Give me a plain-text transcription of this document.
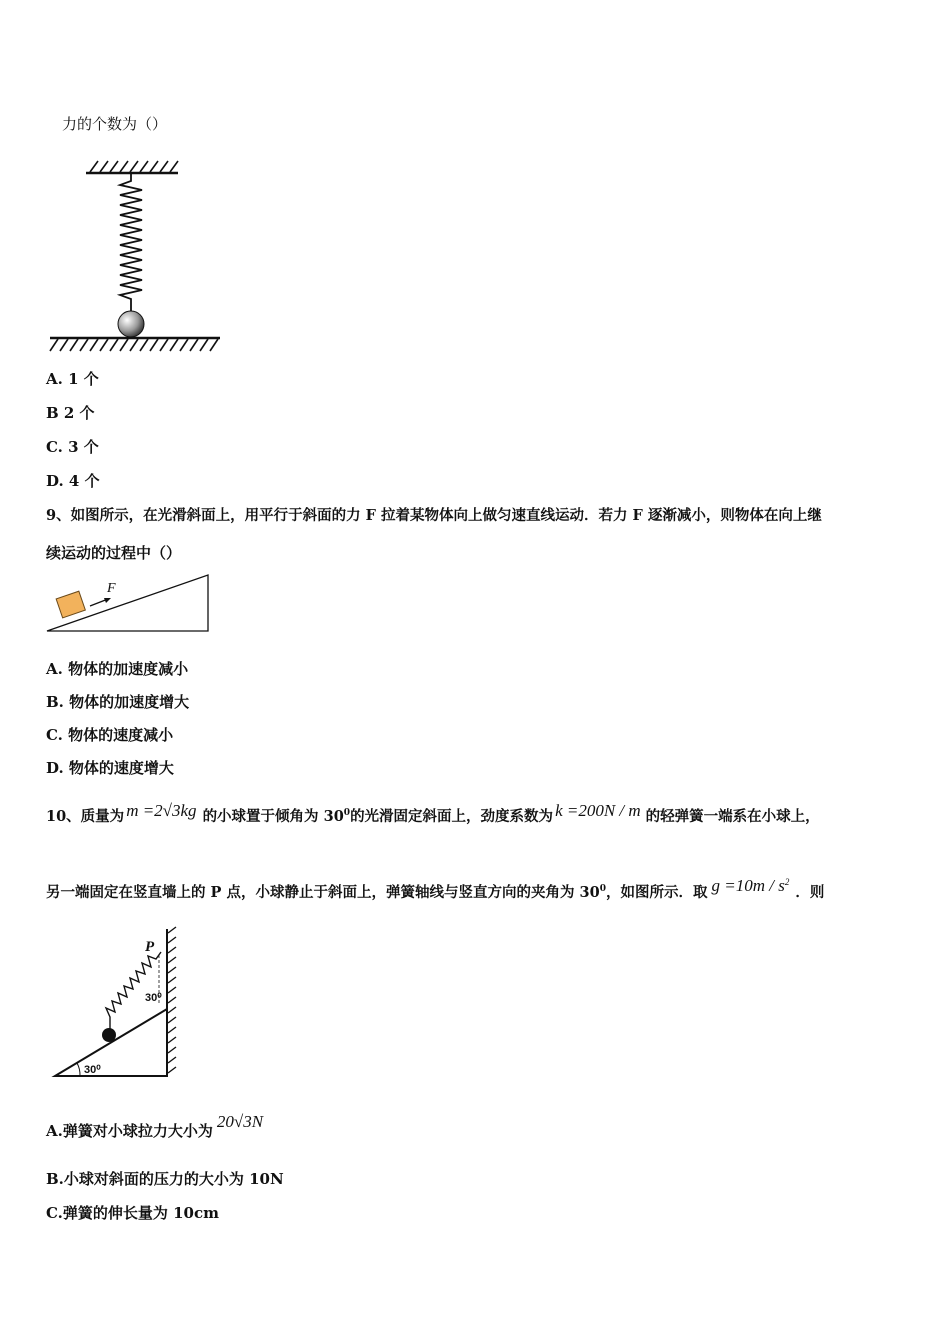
力的个数为（）
A. 1 个
B 2 个
C. 3 个
D. 4 个
9、如图所示，在光滑斜面上，用平行于斜面的力 F 拉着某物体向上做匀速直线运动．若力 F 逐渐减小，则物体在向上继
续运动的过程中（）
F
A. 物体的加速度减小
B. 物体的加速度增大
C. 物体的速度减小
D. 物体的速度增大
10、质量为 m =2√3kg 的小球置于倾角为 $30^0$的光滑固定斜面上，劲度系数为 k =200N / m 的轻弹簧一端系在小球上，
另一端固定在竖直墙上的 P 点，小球静止于斜面上，弹簧轴线与竖直方向的夹角为 $30^0$，如图所示．取 $g =10m / s^2$．则
P
30⁰
30⁰
A.弹簧对小球拉力大小为 20√3N
B.小球对斜面的压力的大小为 10N
C.弹簧的伸长量为 10cm
